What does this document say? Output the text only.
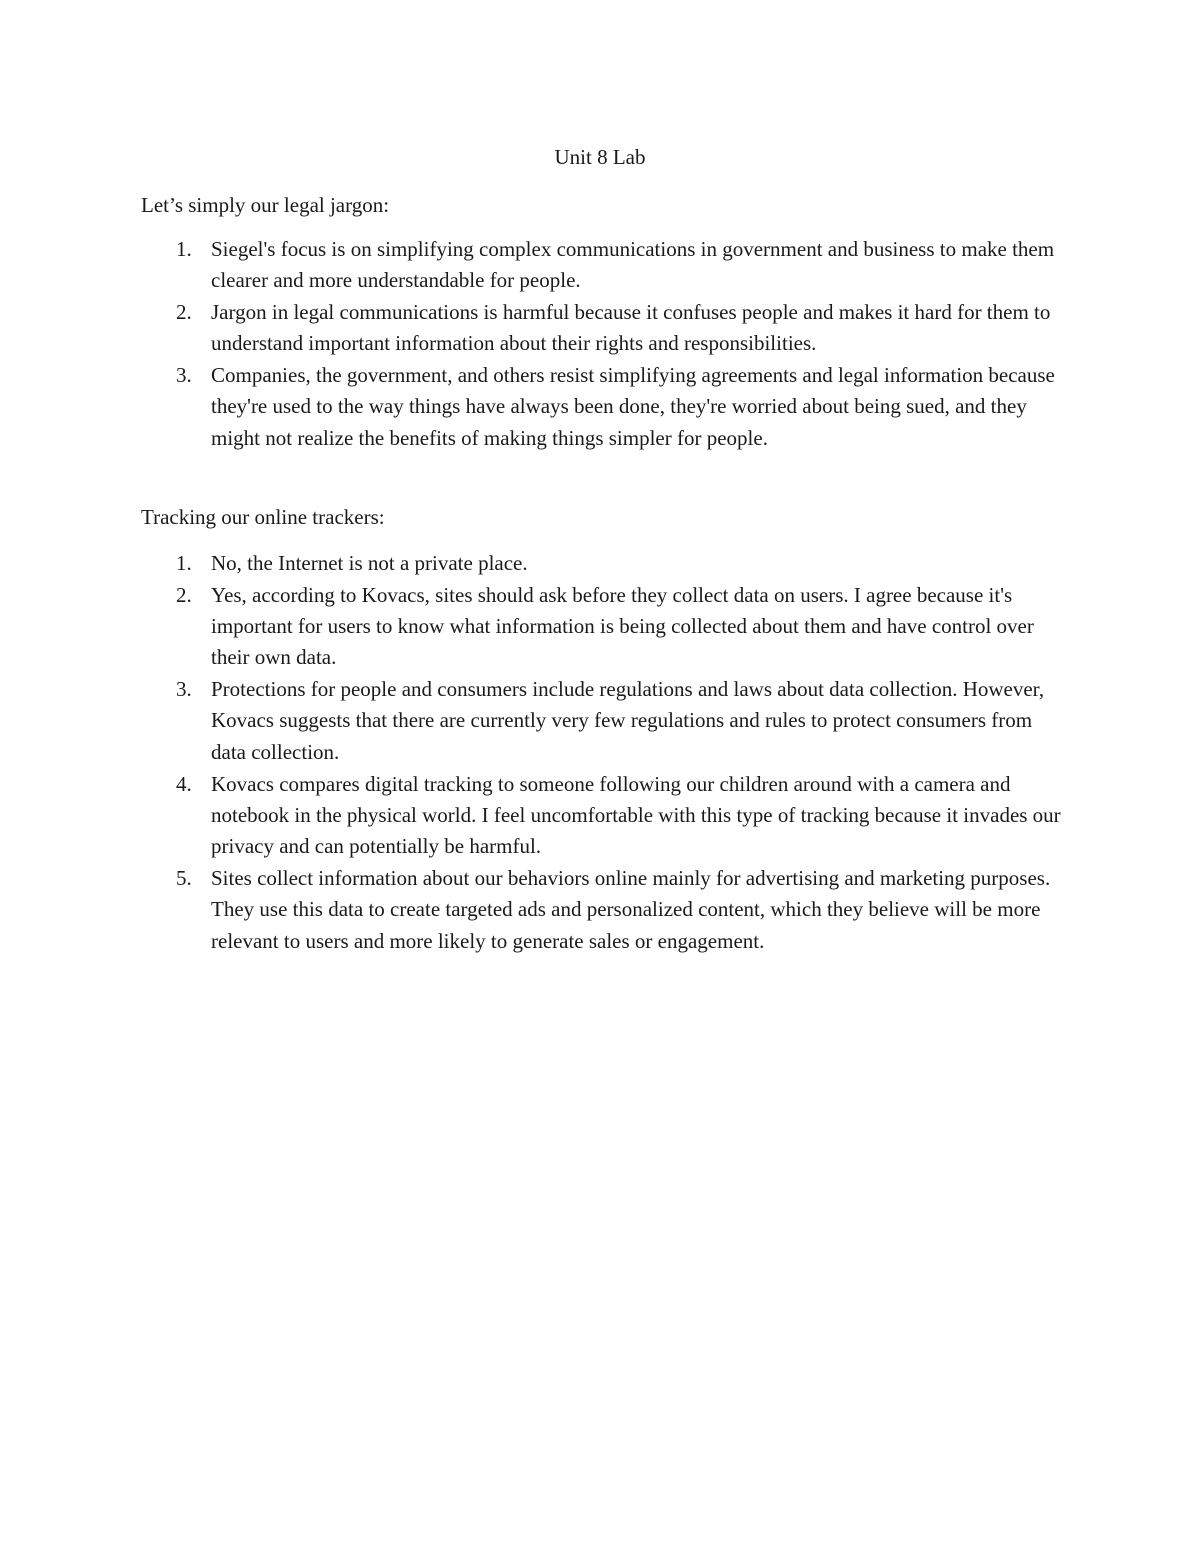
Unit 8 Lab

Let’s simply our legal jargon:

1. Siegel's focus is on simplifying complex communications in government and business to make them clearer and more understandable for people.
2. Jargon in legal communications is harmful because it confuses people and makes it hard for them to understand important information about their rights and responsibilities.
3. Companies, the government, and others resist simplifying agreements and legal information because they're used to the way things have always been done, they're worried about being sued, and they might not realize the benefits of making things simpler for people.

Tracking our online trackers:

1. No, the Internet is not a private place.
2. Yes, according to Kovacs, sites should ask before they collect data on users. I agree because it's important for users to know what information is being collected about them and have control over their own data.
3. Protections for people and consumers include regulations and laws about data collection. However, Kovacs suggests that there are currently very few regulations and rules to protect consumers from data collection.
4. Kovacs compares digital tracking to someone following our children around with a camera and notebook in the physical world. I feel uncomfortable with this type of tracking because it invades our privacy and can potentially be harmful.
5. Sites collect information about our behaviors online mainly for advertising and marketing purposes. They use this data to create targeted ads and personalized content, which they believe will be more relevant to users and more likely to generate sales or engagement.
